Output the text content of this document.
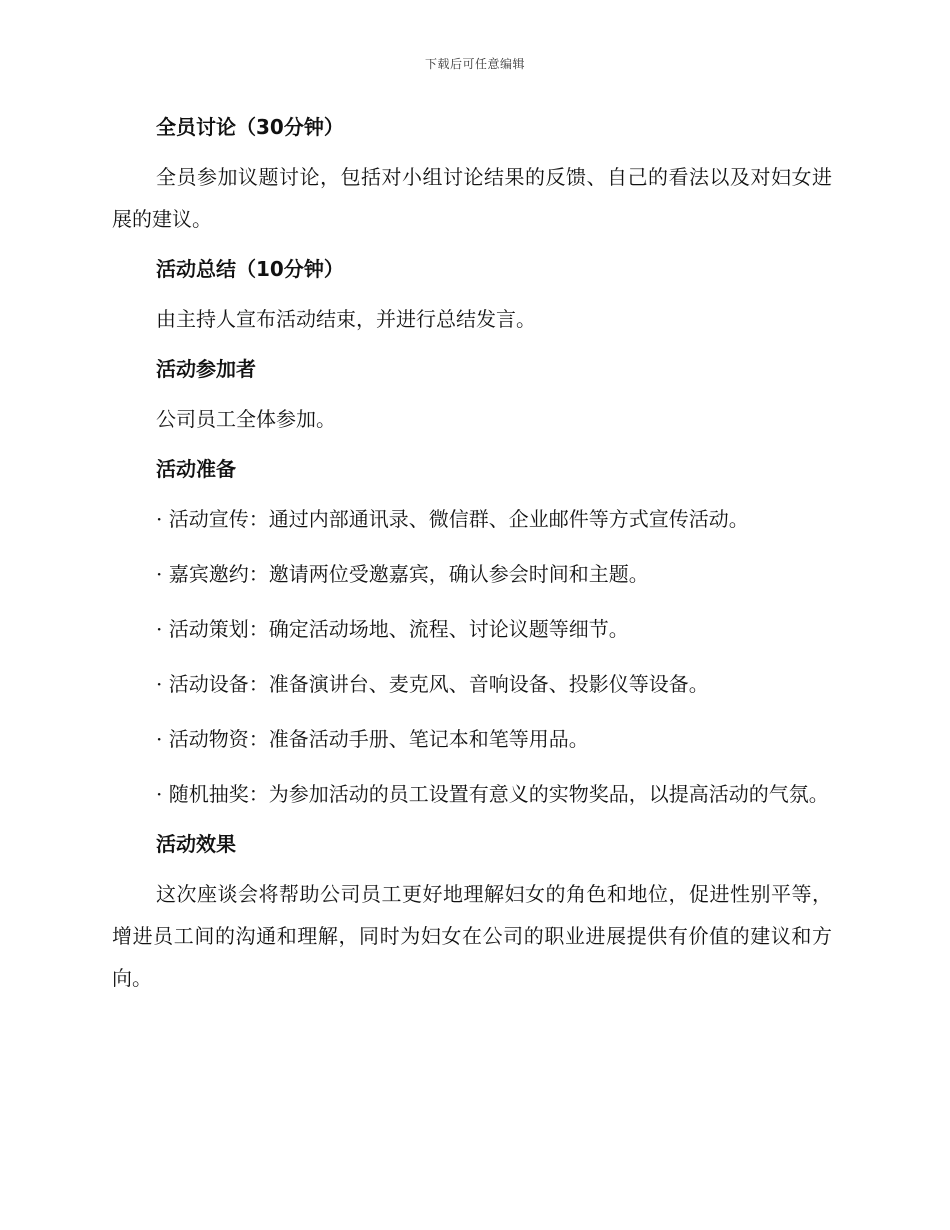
下载后可任意编辑
全员讨论（30分钟）

全员参加议题讨论，包括对小组讨论结果的反馈、自己的看法以及对妇女进展的建议。

活动总结（10分钟）

由主持人宣布活动结束，并进行总结发言。

活动参加者

公司员工全体参加。

活动准备

· 活动宣传：通过内部通讯录、微信群、企业邮件等方式宣传活动。

· 嘉宾邀约：邀请两位受邀嘉宾，确认参会时间和主题。

· 活动策划：确定活动场地、流程、讨论议题等细节。

· 活动设备：准备演讲台、麦克风、音响设备、投影仪等设备。

· 活动物资：准备活动手册、笔记本和笔等用品。

· 随机抽奖：为参加活动的员工设置有意义的实物奖品，以提高活动的气氛。

活动效果

这次座谈会将帮助公司员工更好地理解妇女的角色和地位，促进性别平等，增进员工间的沟通和理解，同时为妇女在公司的职业进展提供有价值的建议和方向。
